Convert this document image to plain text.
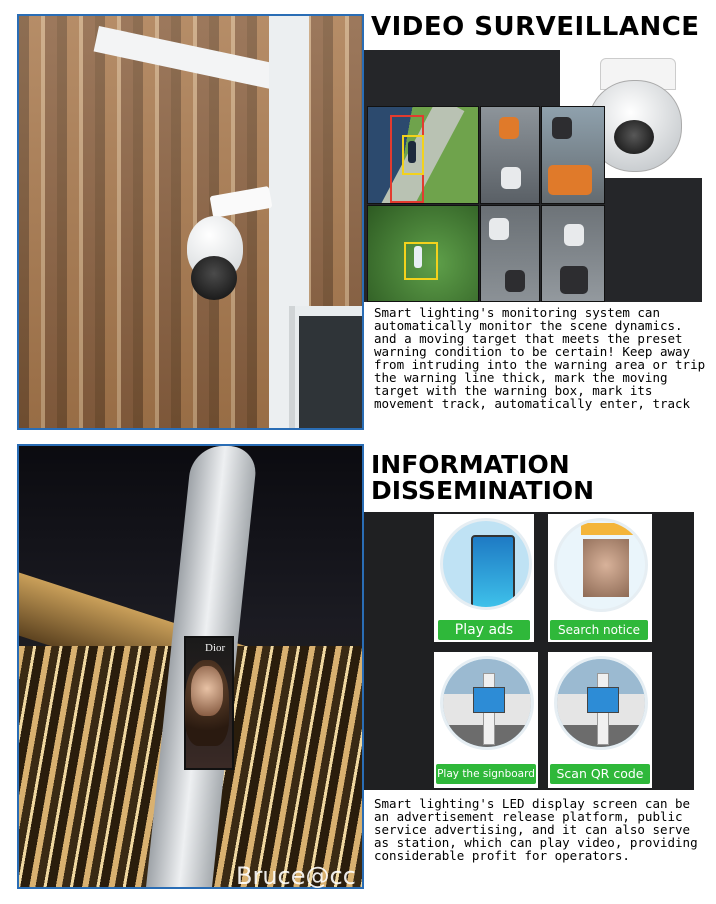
VIDEO SURVEILLANCE

Smart lighting's monitoring system can automatically monitor the scene dynamics. and a moving target that meets the preset warning condition to be certain! Keep away from intruding into the warning area or trip the warning line thick, mark the moving target with the warning box, mark its movement track, automatically enter, track

Dior
Bruce@cc
INFORMATION
DISSEMINATION
Play ads	Search notice
Play the signboard	Scan QR code

Smart lighting's LED display screen can be an advertisement release platform, public service advertising, and it can also serve as station, which can play video, providing considerable profit for operators.
